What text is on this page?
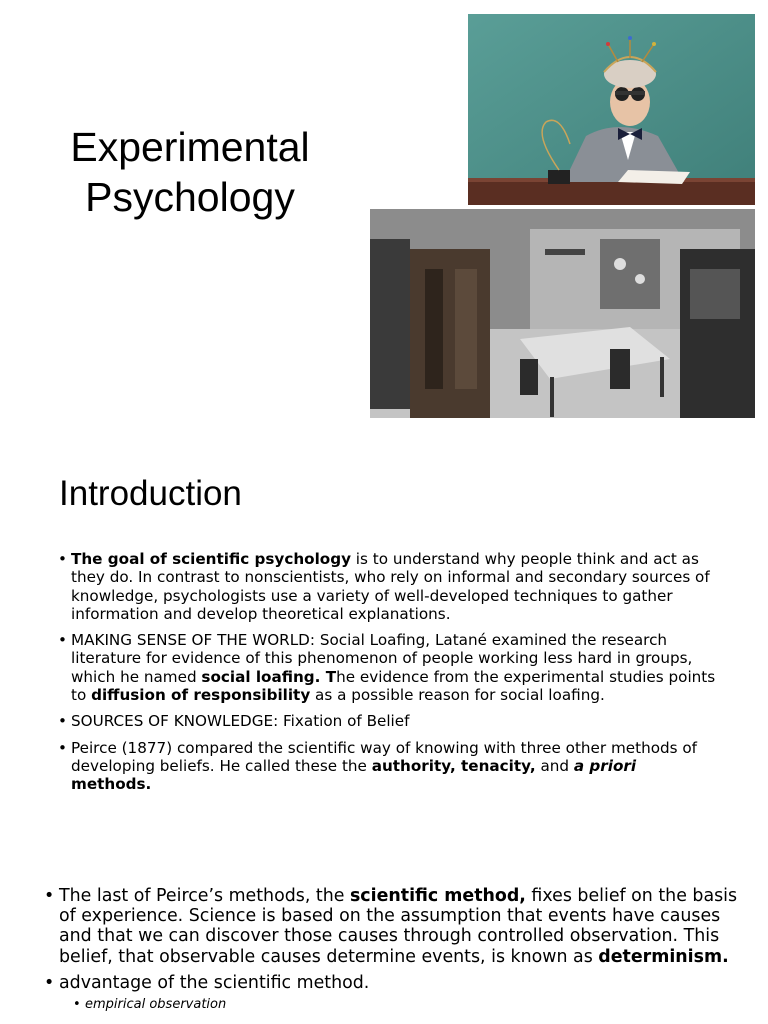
Experimental
Psychology
Introduction
• The goal of scientific psychology is to understand why people think and act as they do. In contrast to nonscientists, who rely on informal and secondary sources of knowledge, psychologists use a variety of well-developed techniques to gather information and develop theoretical explanations.
• MAKING SENSE OF THE WORLD: Social Loafing, Latané examined the research literature for evidence of this phenomenon of people working less hard in groups, which he named social loafing. The evidence from the experimental studies points to diffusion of responsibility as a possible reason for social loafing.
• SOURCES OF KNOWLEDGE: Fixation of Belief
• Peirce (1877) compared the scientific way of knowing with three other methods of developing beliefs. He called these the authority, tenacity, and a priori methods.
• The last of Peirce’s methods, the scientific method, fixes belief on the basis of experience. Science is based on the assumption that events have causes and that we can discover those causes through controlled observation. This belief, that observable causes determine events, is known as determinism.
• advantage of the scientific method.
• empirical observation
